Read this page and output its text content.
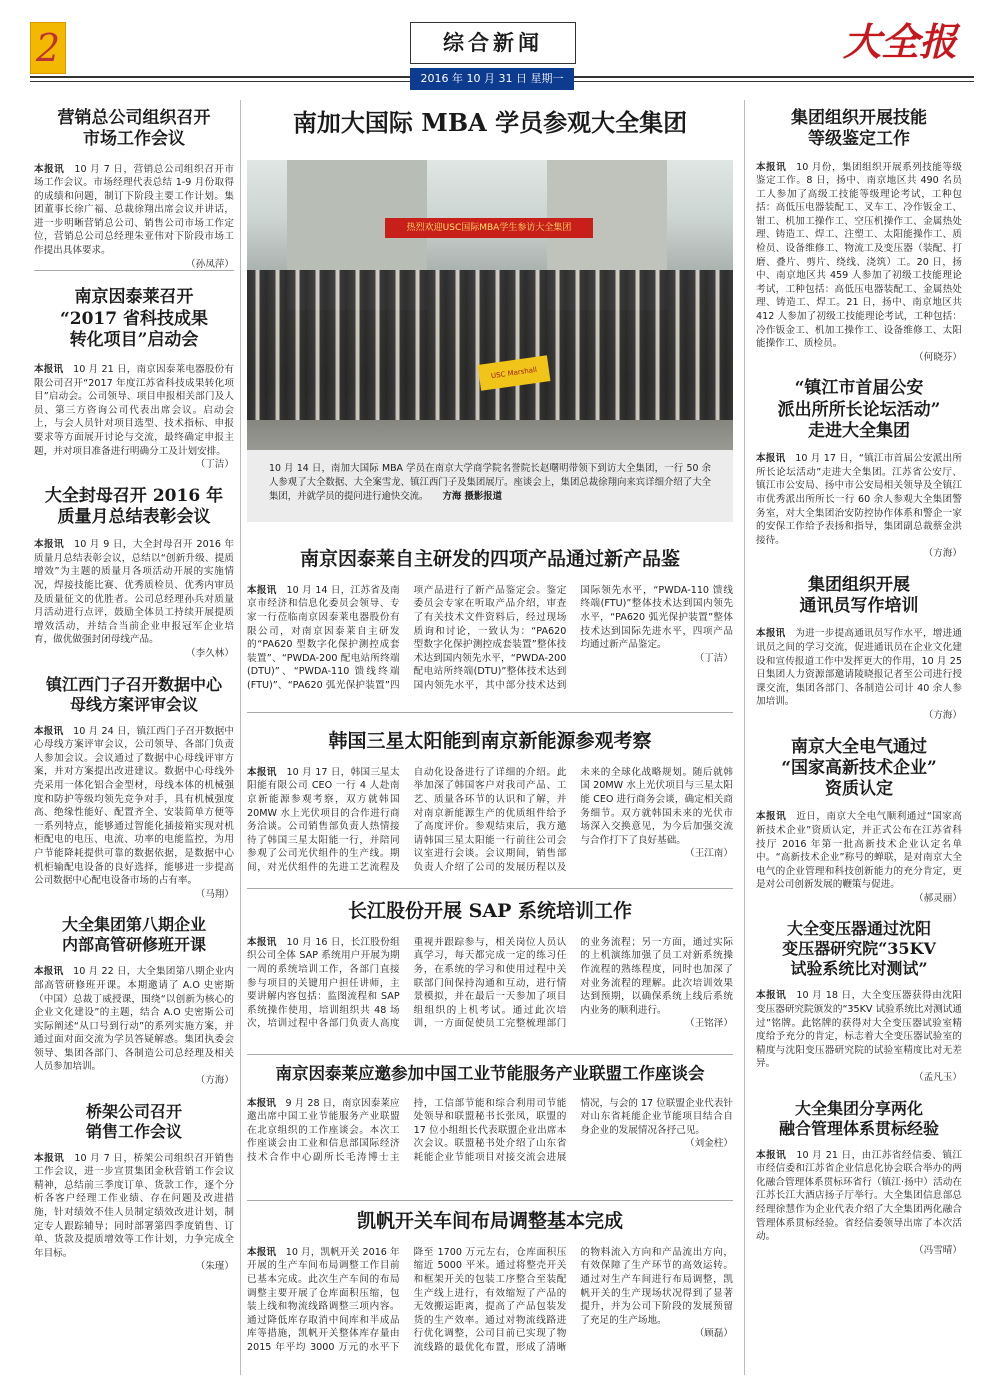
2	综合新闻	大全报
2016 年 10 月 31 日 星期一
营销总公司组织召开
市场工作会议
本报讯　 10 月 7 日，营销总公司组织召开市场工作会议。市场经理代表总结 1-9 月份取得的成绩和问题，制订下阶段主要工作计划。集团董事长徐广福、总裁徐翔出席会议并讲话，进一步明晰营销总公司、销售公司市场工作定位，营销总公司总经理朱亚伟对下阶段市场工作提出具体要求。
（孙凤萍）
南京因泰莱召开
“2017 省科技成果
转化项目”启动会
本报讯　 10 月 21 日，南京因泰莱电器股份有限公司召开“2017 年度江苏省科技成果转化项目”启动会。公司领导、项目申报相关部门及人员、第三方咨询公司代表出席会议。启动会上，与会人员针对项目选型、技术指标、申报要求等方面展开讨论与交流，最终确定申报主题，并对项目准备进行明确分工及计划安排。
（丁洁）
大全封母召开 2016 年
质量月总结表彰会议
本报讯　 10 月 9 日，大全封母召开 2016 年质量月总结表彰会议，总结以“创新升级、提质增效”为主题的质量月各项活动开展的实施情况，焊接技能比赛、优秀质检员、优秀内审员及质量征文的优胜者。公司总经理孙兵对质量月活动进行点评，鼓励全体员工持续开展提质增效活动，并结合当前企业申报冠军企业培育，做优做强封闭母线产品。
（李久林）
镇江西门子召开数据中心
母线方案评审会议
本报讯　 10 月 24 日，镇江西门子召开数据中心母线方案评审会议，公司领导、各部门负责人参加会议。会议通过了数据中心母线评审方案，并对方案提出改进建议。数据中心母线外壳采用一体化铝合金型材，母线本体的机械强度和防护等级均领先竞争对手，具有机械强度高、绝缘性能好、配置齐全、安装简单方便等一系列特点，能够通过智能化插接箱实现对机柜配电的电压、电流、功率的电能监控，为用户节能降耗提供可靠的数据依据，是数据中心机柜输配电设备的良好选择，能够进一步提高公司数据中心配电设备市场的占有率。
（马翔）
大全集团第八期企业
内部高管研修班开课
本报讯　 10 月 22 日，大全集团第八期企业内部高管研修班开课。本期邀请了 A.O 史密斯（中国）总裁丁威授课，围绕“以创新为核心的企业文化建设”的主题，结合 A.O 史密斯公司实际阐述“从口号到行动”的系列实施方案，并通过面对面交流为学员答疑解惑。集团执委会领导、集团各部门、各制造公司总经理及相关人员参加培训。
（方海）
桥架公司召开
销售工作会议
本报讯　 10 月 7 日，桥架公司组织召开销售工作会议，进一步宣贯集团金秋营销工作会议精神，总结前三季度订单、货款工作，逐个分析各客户经理工作业绩、存在问题及改进措施，针对绩效不佳人员制定绩效改进计划，制定专人跟踪辅导；同时部署第四季度销售、订单、货款及提质增效等工作计划，力争完成全年目标。
（朱瑾）
南加大国际 MBA 学员参观大全集团
热烈欢迎USC国际MBA学生参访大全集团
USC Marshall

10 月 14 日，南加大国际 MBA 学员在南京大学商学院名誉院长赵曙明带领下到访大全集团，一行 50 余人参观了大全数据、大全案雪龙、镇江西门子及集团展厅。座谈会上，集团总裁徐翔向来宾详细介绍了大全集团，并就学员的提问进行逾快交流。　　 方海 摄影报道

南京因泰莱自主研发的四项产品通过新产品鉴
本报讯　 10 月 14 日，江苏省及南京市经济和信息化委员会领导、专家一行莅临南京因泰莱电器股份有限公司，对南京因泰莱自主研发的“PA620 型数字化保护测控成套装置”、“PWDA-200 配电站所终端(DTU)”、“PWDA-110 馈线终端(FTU)”、“PA620 弧光保护装置”四项产品进行了新产品鉴定会。鉴定委员会专家在听取产品介绍，审查了有关技术文件资料后，经过现场质询和讨论，一致认为：“PA620 型数字化保护测控成套装置”整体技术达到国内领先水平，“PWDA-200 配电站所终端(DTU)”整体技术达到国内领先水平，其中部分技术达到国际领先水平，“PWDA-110 馈线终端(FTU)”整体技术达到国内领先水平，“PA620 弧光保护装置”整体技术达到国际先进水平，四项产品均通过新产品鉴定。
（丁洁）
韩国三星太阳能到南京新能源参观考察
本报讯　 10 月 17 日，韩国三星太阳能有限公司 CEO 一行 4 人赴南京新能源参观考察，双方就韩国 20MW 水上光伏项目的合作进行商务洽谈。公司销售部负责人热情接待了韩国三星太阳能一行，并陪同参观了公司光伏组件的生产线。期间，对光伏组件的先进工艺流程及自动化设备进行了详细的介绍。此举加深了韩国客户对我司产品、工艺、质量各环节的认识和了解，并对南京新能源生产的优质组件给予了高度评价。参观结束后，我方邀请韩国三星太阳能一行前往公司会议室进行会谈。会议期间，销售部负责人介绍了公司的发展历程以及未来的全球化战略规划。随后就韩国 20MW 水上光伏项目与三星太阳能 CEO 进行商务会谈，确定相关商务细节。双方就韩国未来的光伏市场深入交换意见，为今后加强交流与合作打下了良好基础。
（王江南）
长江股份开展 SAP 系统培训工作
本报讯　 10 月 16 日，长江股份组织公司全体 SAP 系统用户开展为期一周的系统培训工作，各部门直接参与项目的关键用户担任讲师，主要讲解内容包括：监图流程和 SAP 系统操作使用，培训组织共 48 场次，培训过程中各部门负责人高度重视并跟踪参与，相关岗位人员认真学习，每天都完成一定的练习任务，在系统的学习和使用过程中关联部门间保持沟通和互动，进行情景模拟，并在最后一天参加了项目组组织的上机考试。通过此次培训，一方面促使员工完整梳理部门的业务流程；另一方面，通过实际的上机演练加强了员工对新系统操作流程的熟练程度，同时也加深了对业务流程的理解。此次培训效果达到预期，以确保系统上线后系统内业务的顺利进行。
（王铭泽）
南京因泰莱应邀参加中国工业节能服务产业联盟工作座谈会
本报讯　 9 月 28 日，南京因泰莱应邀出席中国工业节能服务产业联盟在北京组织的工作座谈会。本次工作座谈会由工业和信息部国际经济技术合作中心副所长毛涛博士主持，工信部节能和综合利用司节能处领导和联盟秘书长张凤，联盟的 17 位小组组长代表联盟企业出席本次会议。联盟秘书处介绍了山东省耗能企业节能项目对接交流会进展情况，与会的 17 位联盟企业代表针对山东省耗能企业节能项目结合自身企业的发展情况各抒己见。
（刘金柱）
凯帆开关车间布局调整基本完成
本报讯　 10 月，凯帆开关 2016 年开展的生产车间布局调整工作目前已基本完成。此次生产车间的布局调整主要开展了仓库面积压缩，包装上线和物流线路调整三项内容。通过降低库存取消中间库和半成品库等措施，凯帆开关整体库存量由 2015 年平均 3000 万元的水平下降至 1700 万元左右，仓库面积压缩近 5000 平米。通过将整壳开关和框架开关的包装工序整合至装配生产线上进行，有效缩短了产品的无效搬运距离，提高了产品包装发货的生产效率。通过对物流线路进行优化调整，公司目前已实现了物流线路的最优化布置，形成了清晰的物料流入方向和产品流出方向，有效保障了生产环节的高效运转。通过对生产车间进行布局调整，凯帆开关的生产现场状况得到了显著提升，并为公司下阶段的发展预留了充足的生产场地。
（顾磊）
集团组织开展技能
等级鉴定工作
本报讯　 10 月份，集团组织开展系列技能等级鉴定工作。8 日，扬中、南京地区共 490 名员工人参加了高级工技能等级理论考试，工种包括：高低压电器装配工、叉车工、冷作钣金工、钳工、机加工操作工、空压机操作工、金属热处理、铸造工、焊工、注塑工、太阳能操作工、质检员、设备维修工、物流工及变压器（装配、打磨、叠片、剪片、绕线、浇筑）工。20 日，扬中、南京地区共 459 人参加了初级工技能理论考试，工种包括：高低压电器装配工、金属热处理、铸造工、焊工。21 日，扬中、南京地区共 412 人参加了初级工技能理论考试，工种包括：冷作钣金工、机加工操作工、设备维修工、太阳能操作工、质检员。
（何晓芬）
“镇江市首届公安
派出所所长论坛活动”
走进大全集团
本报讯　 10 月 17 日，“镇江市首届公安派出所所长论坛活动”走进大全集团。江苏省公安厅、镇江市公安局、扬中市公安局相关领导及全镇江市优秀派出所所长一行 60 余人参观大全集团警务室，对大全集团治安防控协作体系和警企一家的安保工作给予表扬和指导，集团副总裁蔡金洪接待。
（方海）
集团组织开展
通讯员写作培训
本报讯　 为进一步提高通讯员写作水平，增进通讯员之间的学习交流，促进通讯员在企业文化建设和宣传报道工作中发挥更大的作用，10 月 25 日集团人力资源部邀请陵晓报记者至公司进行授课交流，集团各部门、各制造公司计 40 余人参加培训。
（方海）
南京大全电气通过
“国家高新技术企业”
资质认定
本报讯　 近日，南京大全电气顺利通过“国家高新技术企业”资质认定，并正式公布在江苏省科技厅 2016 年第一批高新技术企业认定名单中。“高新技术企业”称号的蝉联，是对南京大全电气的企业管理和科技创新能力的充分肯定，更是对公司创新发展的鞭策与促进。
（郝灵丽）
大全变压器通过沈阳
变压器研究院“35KV
试验系统比对测试”
本报讯　 10 月 18 日，大全变压器获得由沈阳变压器研究院颁发的“35KV 试验系统比对测试通过”铭牌。此铭牌的获得对大全变压器试验室精度给予充分的肯定，标志着大全变压器试验室的精度与沈阳变压器研究院的试验室精度比对无差异。
（孟凡玉）
大全集团分享两化
融合管理体系贯标经验
本报讯　 10 月 21 日，由江苏省经信委、镇江市经信委和江苏省企业信息化协会联合举办的两化融合管理体系贯标环省行（镇江·扬中）活动在江苏长江大酒店扬子厅举行。大全集团信息部总经理徐慧作为企业代表介绍了大全集团两化融合管理体系贯标经验。省经信委领导出席了本次活动。
（冯雪晴）
